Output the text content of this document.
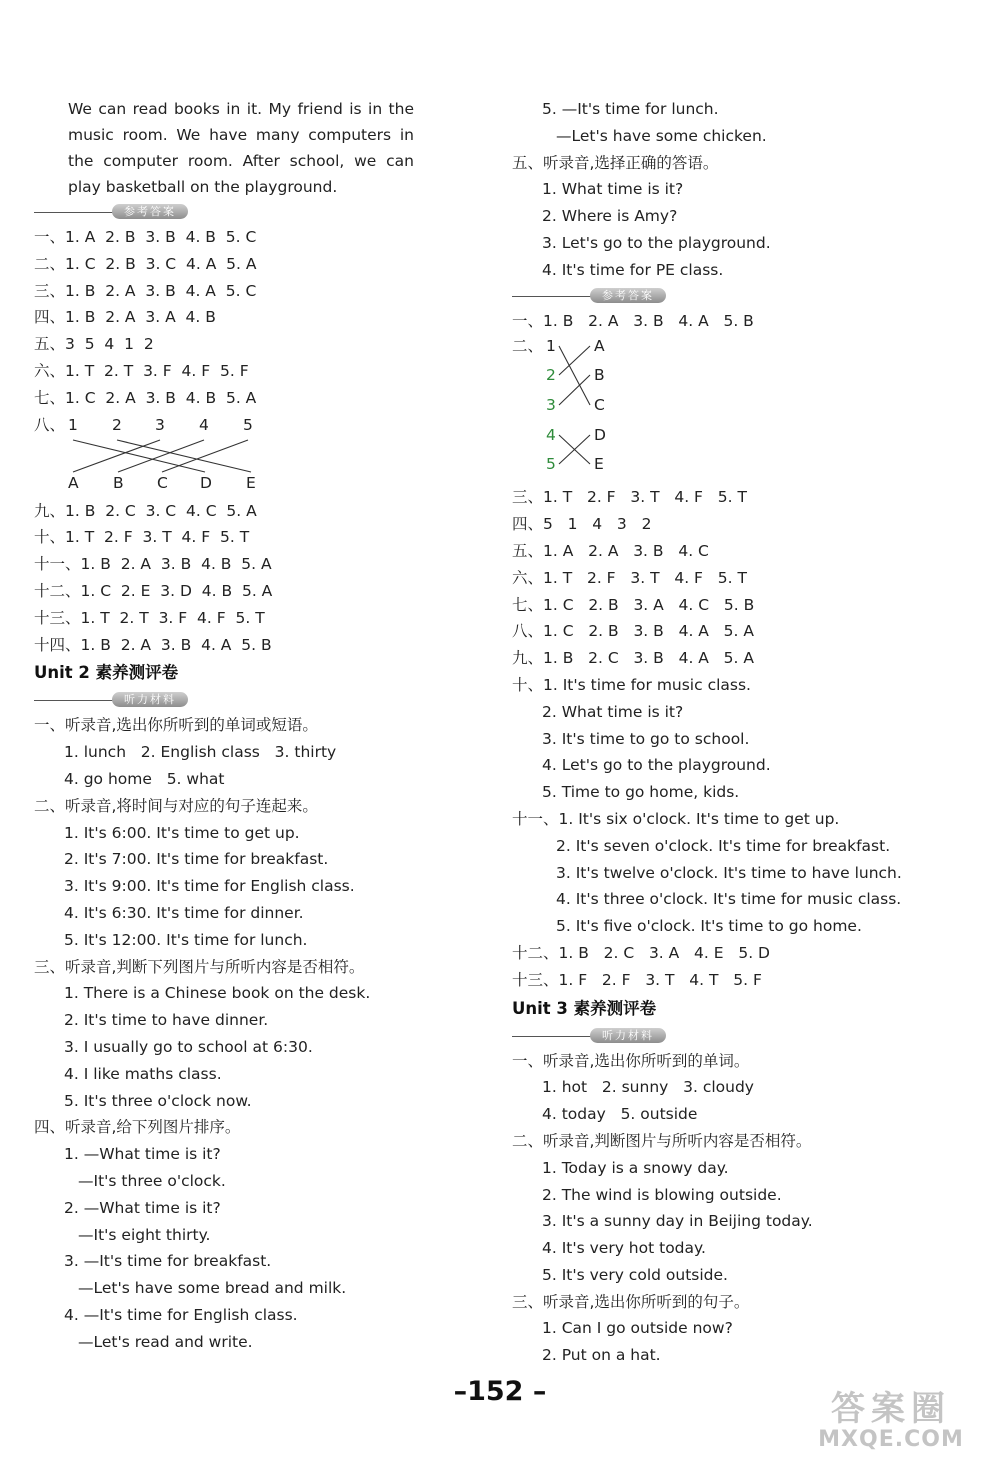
We can read books in it. My friend is in the music room. We have many computers in the computer room. After school, we can play basketball on the playground.
参考答案
一、1. A  2. B  3. B  4. B  5. C
二、1. C  2. B  3. C  4. A  5. A
三、1. B  2. A  3. B  4. A  5. C
四、1. B  2. A  3. A  4. B
五、3  5  4  1  2
六、1. T  2. T  3. F  4. F  5. F
七、1. C  2. A  3. B  4. B  5. A
八、 1 2 3 4 5
A B C D E
九、1. B  2. C  3. C  4. C  5. A
十、1. T  2. F  3. T  4. F  5. T
十一、1. B  2. A  3. B  4. B  5. A
十二、1. C  2. E  3. D  4. B  5. A
十三、1. T  2. T  3. F  4. F  5. T
十四、1. B  2. A  3. B  4. A  5. B
Unit 2 素养测评卷
听力材料
一、听录音,选出你所听到的单词或短语。
1. lunch   2. English class   3. thirty
4. go home   5. what
二、听录音,将时间与对应的句子连起来。
1. It's 6:00. It's time to get up.
2. It's 7:00. It's time for breakfast.
3. It's 9:00. It's time for English class.
4. It's 6:30. It's time for dinner.
5. It's 12:00. It's time for lunch.
三、听录音,判断下列图片与所听内容是否相符。
1. There is a Chinese book on the desk.
2. It's time to have dinner.
3. I usually go to school at 6:30.
4. I like maths class.
5. It's three o'clock now.
四、听录音,给下列图片排序。
1. —What time is it?
—It's three o'clock.
2. —What time is it?
—It's eight thirty.
3. —It's time for breakfast.
—Let's have some bread and milk.
4. —It's time for English class.
—Let's read and write.
5. —It's time for lunch.
—Let's have some chicken.
五、听录音,选择正确的答语。
1. What time is it?
2. Where is Amy?
3. Let's go to the playground.
4. It's time for PE class.
参考答案
一、1. B   2. A   3. B   4. A   5. B
二、 1
2
3
4
5
A
B
C
D
E
三、1. T   2. F   3. T   4. F   5. T
四、5   1   4   3   2
五、1. A   2. A   3. B   4. C
六、1. T   2. F   3. T   4. F   5. T
七、1. C   2. B   3. A   4. C   5. B
八、1. C   2. B   3. B   4. A   5. A
九、1. B   2. C   3. B   4. A   5. A
十、1. It's time for music class.
2. What time is it?
3. It's time to go to school.
4. Let's go to the playground.
5. Time to go home, kids.
十一、1. It's six o'clock. It's time to get up.
2. It's seven o'clock. It's time for breakfast.
3. It's twelve o'clock. It's time to have lunch.
4. It's three o'clock. It's time for music class.
5. It's five o'clock. It's time to go home.
十二、1. B   2. C   3. A   4. E   5. D
十三、1. F   2. F   3. T   4. T   5. F
Unit 3 素养测评卷
听力材料
一、听录音,选出你所听到的单词。
1. hot   2. sunny   3. cloudy
4. today   5. outside
二、听录音,判断图片与所听内容是否相符。
1. Today is a snowy day.
2. The wind is blowing outside.
3. It's a sunny day in Beijing today.
4. It's very hot today.
5. It's very cold outside.
三、听录音,选出你所听到的句子。
1. Can I go outside now?
2. Put on a hat.
–152 –	答案圈
MXQE.COM
